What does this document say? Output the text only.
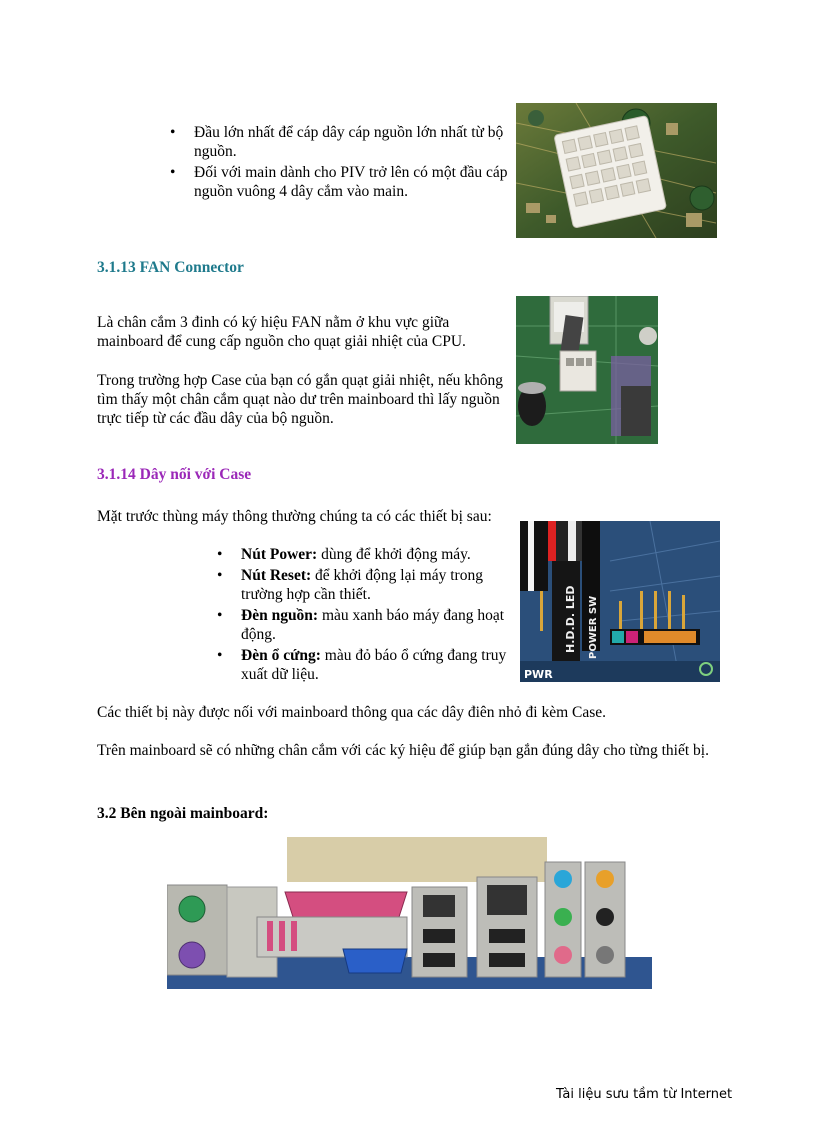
• Đầu lớn nhất để cáp dây cáp nguồn lớn nhất từ bộ nguồn.
• Đối với main dành cho PIV trở lên có một đầu cáp nguồn vuông 4 dây cắm vào main.
3.1.13 FAN Connector

Là chân cắm 3 đinh có ký hiệu FAN nằm ở khu vực giữa mainboard để cung cấp nguồn cho quạt giải nhiệt của CPU.

Trong trường hợp Case của bạn có gắn quạt giải nhiệt, nếu không tìm thấy một chân cắm quạt nào dư trên mainboard thì lấy nguồn trực tiếp từ các đầu dây của bộ nguồn.

3.1.14 Dây nối với Case
Mặt trước thùng máy thông thường chúng ta có các thiết bị sau:
• Nút Power: dùng để khởi động máy.
• Nút Reset: để khởi động lại máy trong trường hợp cần thiết.
• Đèn nguồn: màu xanh báo máy đang hoạt động.
• Đèn ổ cứng: màu đỏ báo ổ cứng đang truy xuất dữ liệu.
H.D.D. LED POWER SW
PWR
Các thiết bị này được nối với mainboard thông qua các dây điên nhỏ đi kèm Case.
Trên mainboard sẽ có những chân cắm với các ký hiệu để giúp bạn gắn đúng dây cho từng thiết bị.
3.2 Bên ngoài mainboard:
Tài liệu sưu tầm từ Internet
